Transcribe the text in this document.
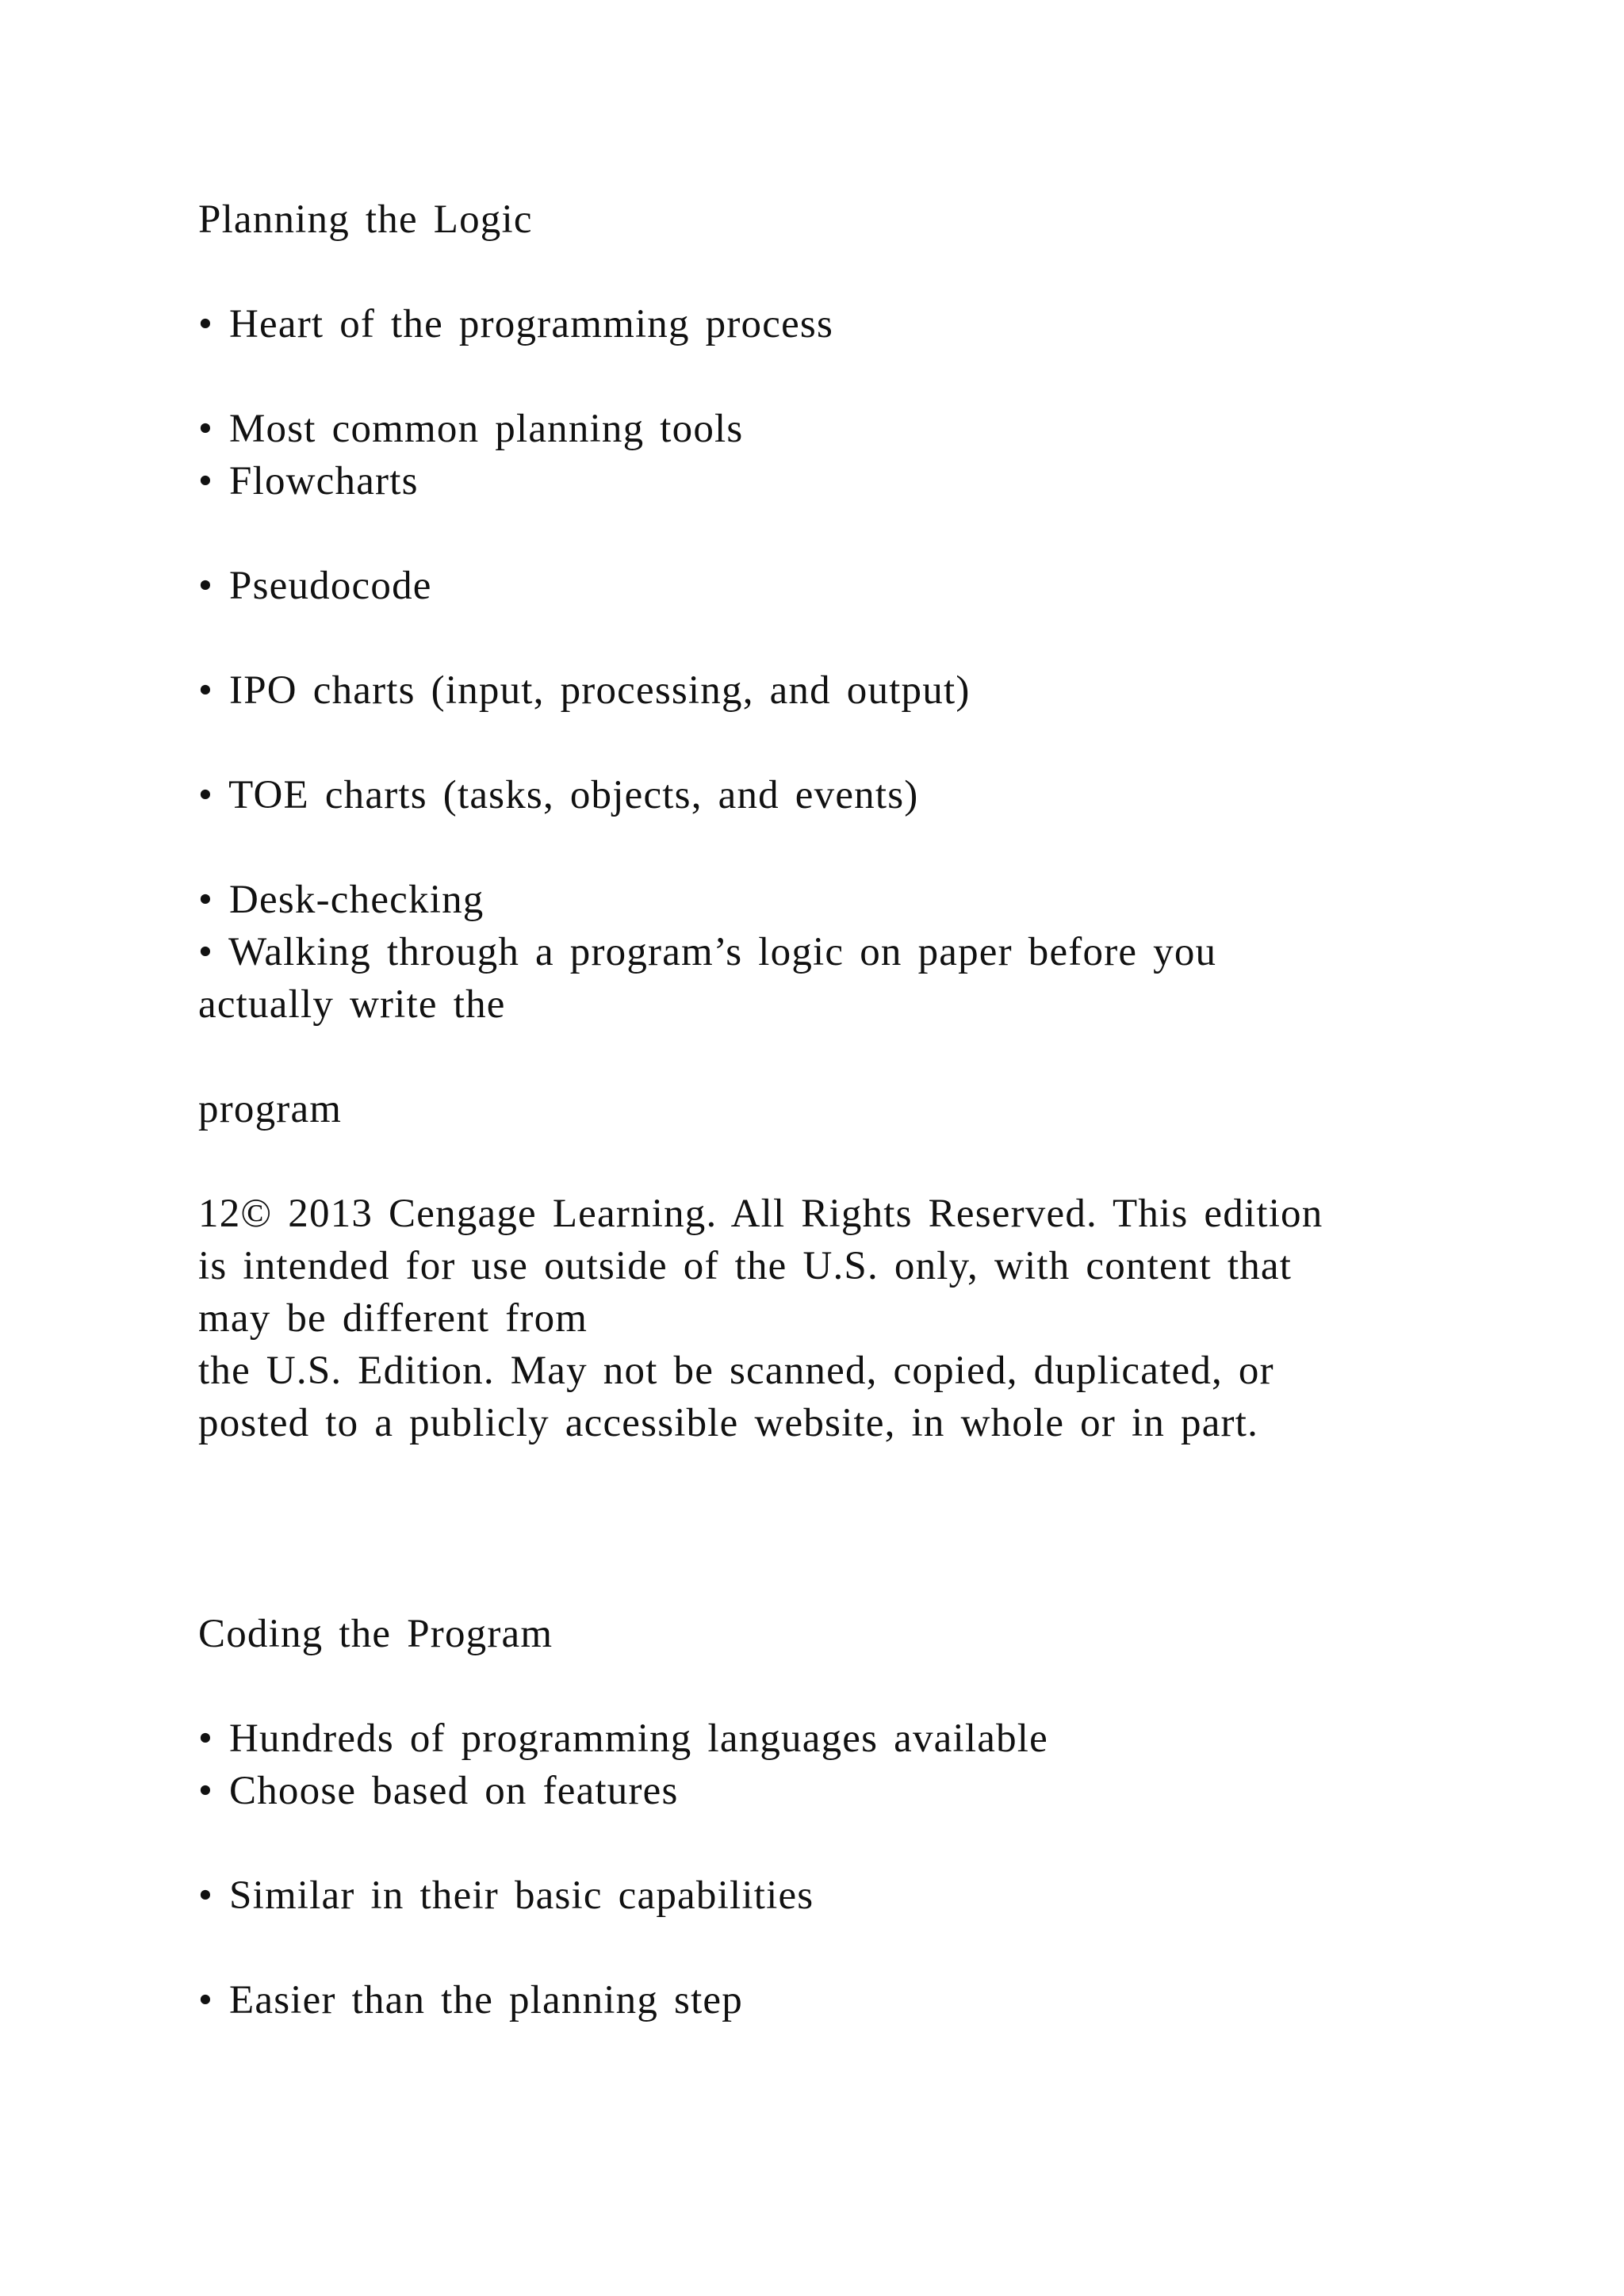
Planning the Logic
• Heart of the programming process
• Most common planning tools
• Flowcharts
• Pseudocode
• IPO charts (input, processing, and output)
• TOE charts (tasks, objects, and events)
• Desk-checking
• Walking through a program’s logic on paper before you
actually write the
program
12© 2013 Cengage Learning. All Rights Reserved. This edition
is intended for use outside of the U.S. only, with content that
may be different from
the U.S. Edition. May not be scanned, copied, duplicated, or
posted to a publicly accessible website, in whole or in part.
Coding the Program
• Hundreds of programming languages available
• Choose based on features
• Similar in their basic capabilities
• Easier than the planning step
